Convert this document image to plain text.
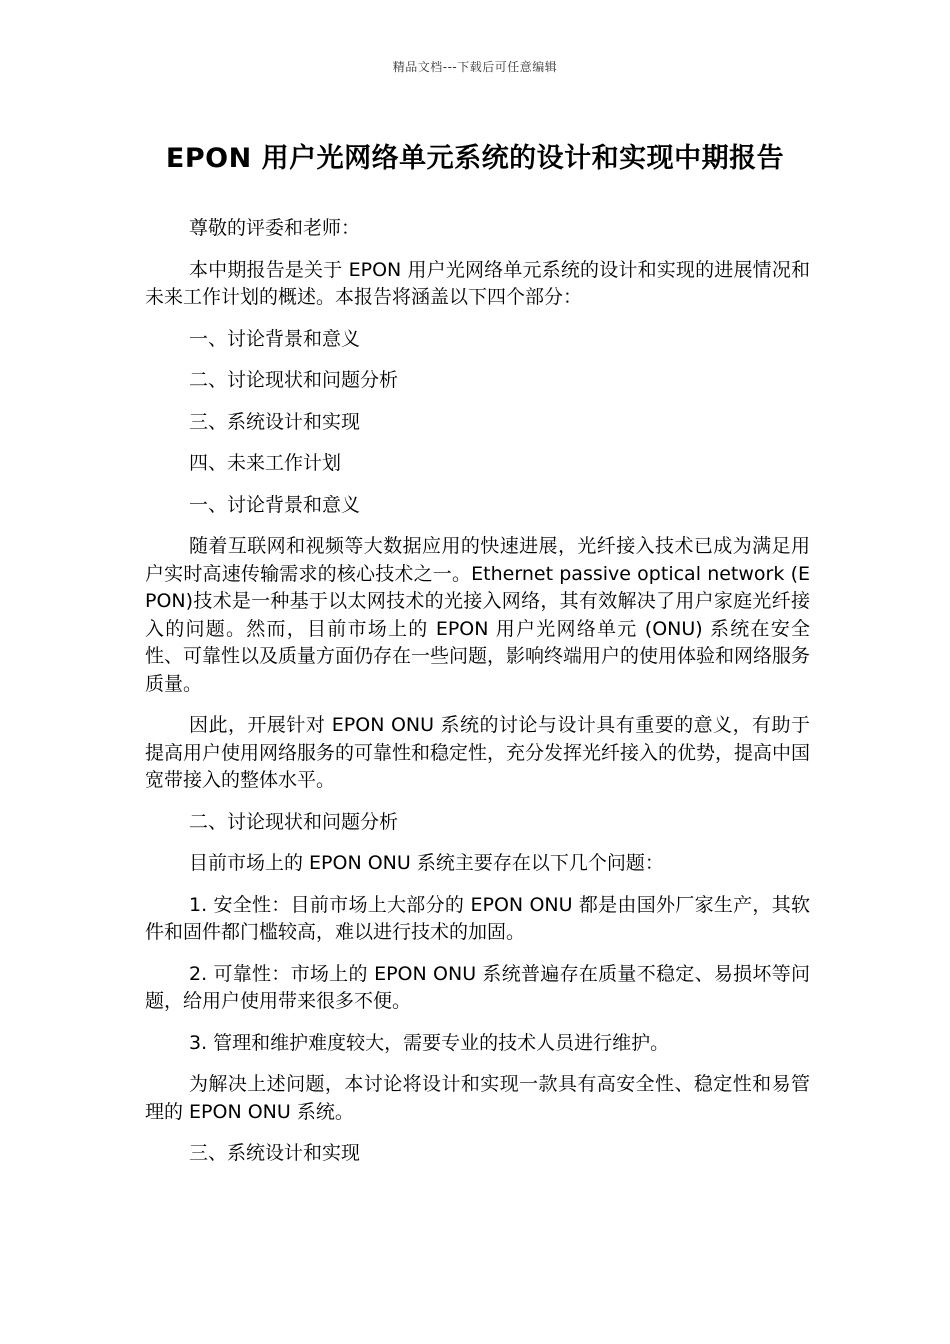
精品文档---下载后可任意编辑
EPON 用户光网络单元系统的设计和实现中期报告

尊敬的评委和老师：

本中期报告是关于 EPON 用户光网络单元系统的设计和实现的进展情况和未来工作计划的概述。本报告将涵盖以下四个部分：

一、讨论背景和意义

二、讨论现状和问题分析

三、系统设计和实现

四、未来工作计划

一、讨论背景和意义

随着互联网和视频等大数据应用的快速进展，光纤接入技术已成为满足用户实时高速传输需求的核心技术之一。Ethernet passive optical network (EPON)技术是一种基于以太网技术的光接入网络，其有效解决了用户家庭光纤接入的问题。然而，目前市场上的 EPON 用户光网络单元 (ONU) 系统在安全性、可靠性以及质量方面仍存在一些问题，影响终端用户的使用体验和网络服务质量。

因此，开展针对 EPON ONU 系统的讨论与设计具有重要的意义，有助于提高用户使用网络服务的可靠性和稳定性，充分发挥光纤接入的优势，提高中国宽带接入的整体水平。

二、讨论现状和问题分析

目前市场上的 EPON ONU 系统主要存在以下几个问题：

1. 安全性：目前市场上大部分的 EPON ONU 都是由国外厂家生产，其软件和固件都门槛较高，难以进行技术的加固。

2. 可靠性：市场上的 EPON ONU 系统普遍存在质量不稳定、易损坏等问题，给用户使用带来很多不便。

3. 管理和维护难度较大，需要专业的技术人员进行维护。

为解决上述问题，本讨论将设计和实现一款具有高安全性、稳定性和易管理的 EPON ONU 系统。

三、系统设计和实现
